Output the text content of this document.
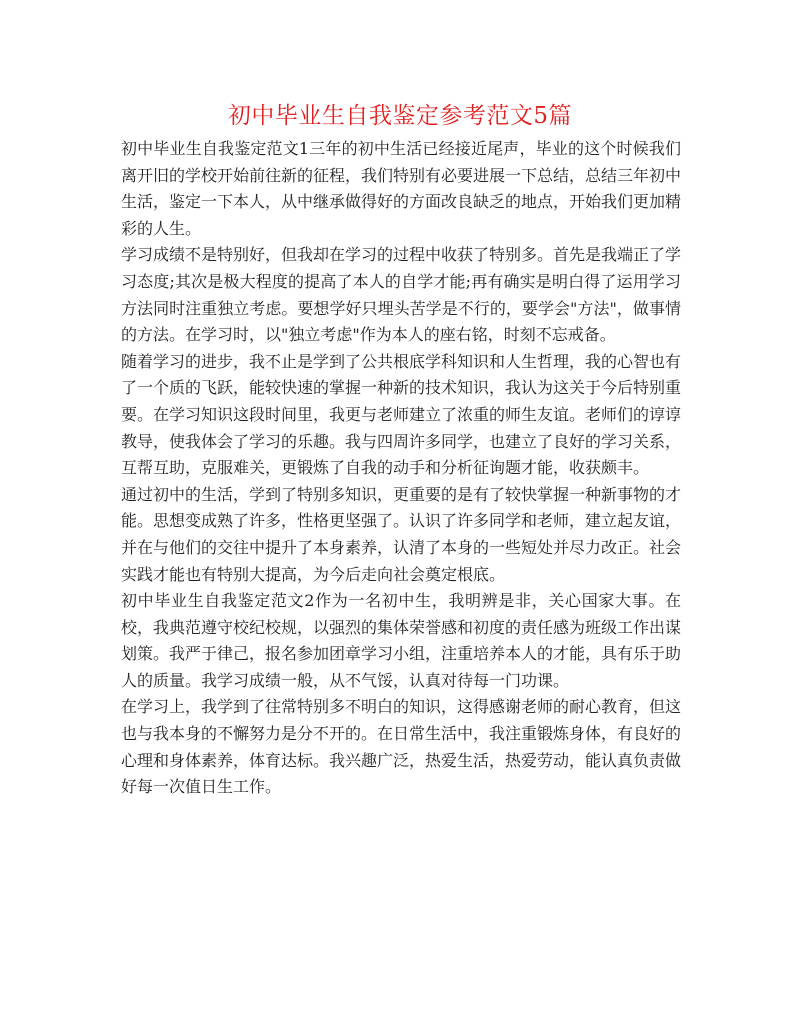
初中毕业生自我鉴定参考范文5篇

初中毕业生自我鉴定范文1三年的初中生活已经接近尾声，毕业的这个时候我们离开旧的学校开始前往新的征程，我们特别有必要进展一下总结，总结三年初中生活，鉴定一下本人，从中继承做得好的方面改良缺乏的地点，开始我们更加精彩的人生。

学习成绩不是特别好，但我却在学习的过程中收获了特别多。首先是我端正了学习态度;其次是极大程度的提高了本人的自学才能;再有确实是明白得了运用学习方法同时注重独立考虑。要想学好只埋头苦学是不行的，要学会"方法"，做事情的方法。在学习时，以"独立考虑"作为本人的座右铭，时刻不忘戒备。

随着学习的进步，我不止是学到了公共根底学科知识和人生哲理，我的心智也有了一个质的飞跃，能较快速的掌握一种新的技术知识，我认为这关于今后特别重要。在学习知识这段时间里，我更与老师建立了浓重的师生友谊。老师们的谆谆教导，使我体会了学习的乐趣。我与四周许多同学，也建立了良好的学习关系，互帮互助，克服难关，更锻炼了自我的动手和分析征询题才能，收获颇丰。

通过初中的生活，学到了特别多知识，更重要的是有了较快掌握一种新事物的才能。思想变成熟了许多，性格更坚强了。认识了许多同学和老师，建立起友谊，并在与他们的交往中提升了本身素养，认清了本身的一些短处并尽力改正。社会实践才能也有特别大提高，为今后走向社会奠定根底。

初中毕业生自我鉴定范文2作为一名初中生，我明辨是非，关心国家大事。在校，我典范遵守校纪校规，以强烈的集体荣誉感和初度的责任感为班级工作出谋划策。我严于律己，报名参加团章学习小组，注重培养本人的才能，具有乐于助人的质量。我学习成绩一般，从不气馁，认真对待每一门功课。

在学习上，我学到了往常特别多不明白的知识，这得感谢老师的耐心教育，但这也与我本身的不懈努力是分不开的。在日常生活中，我注重锻炼身体，有良好的心理和身体素养，体育达标。我兴趣广泛，热爱生活，热爱劳动，能认真负责做好每一次值日生工作。
